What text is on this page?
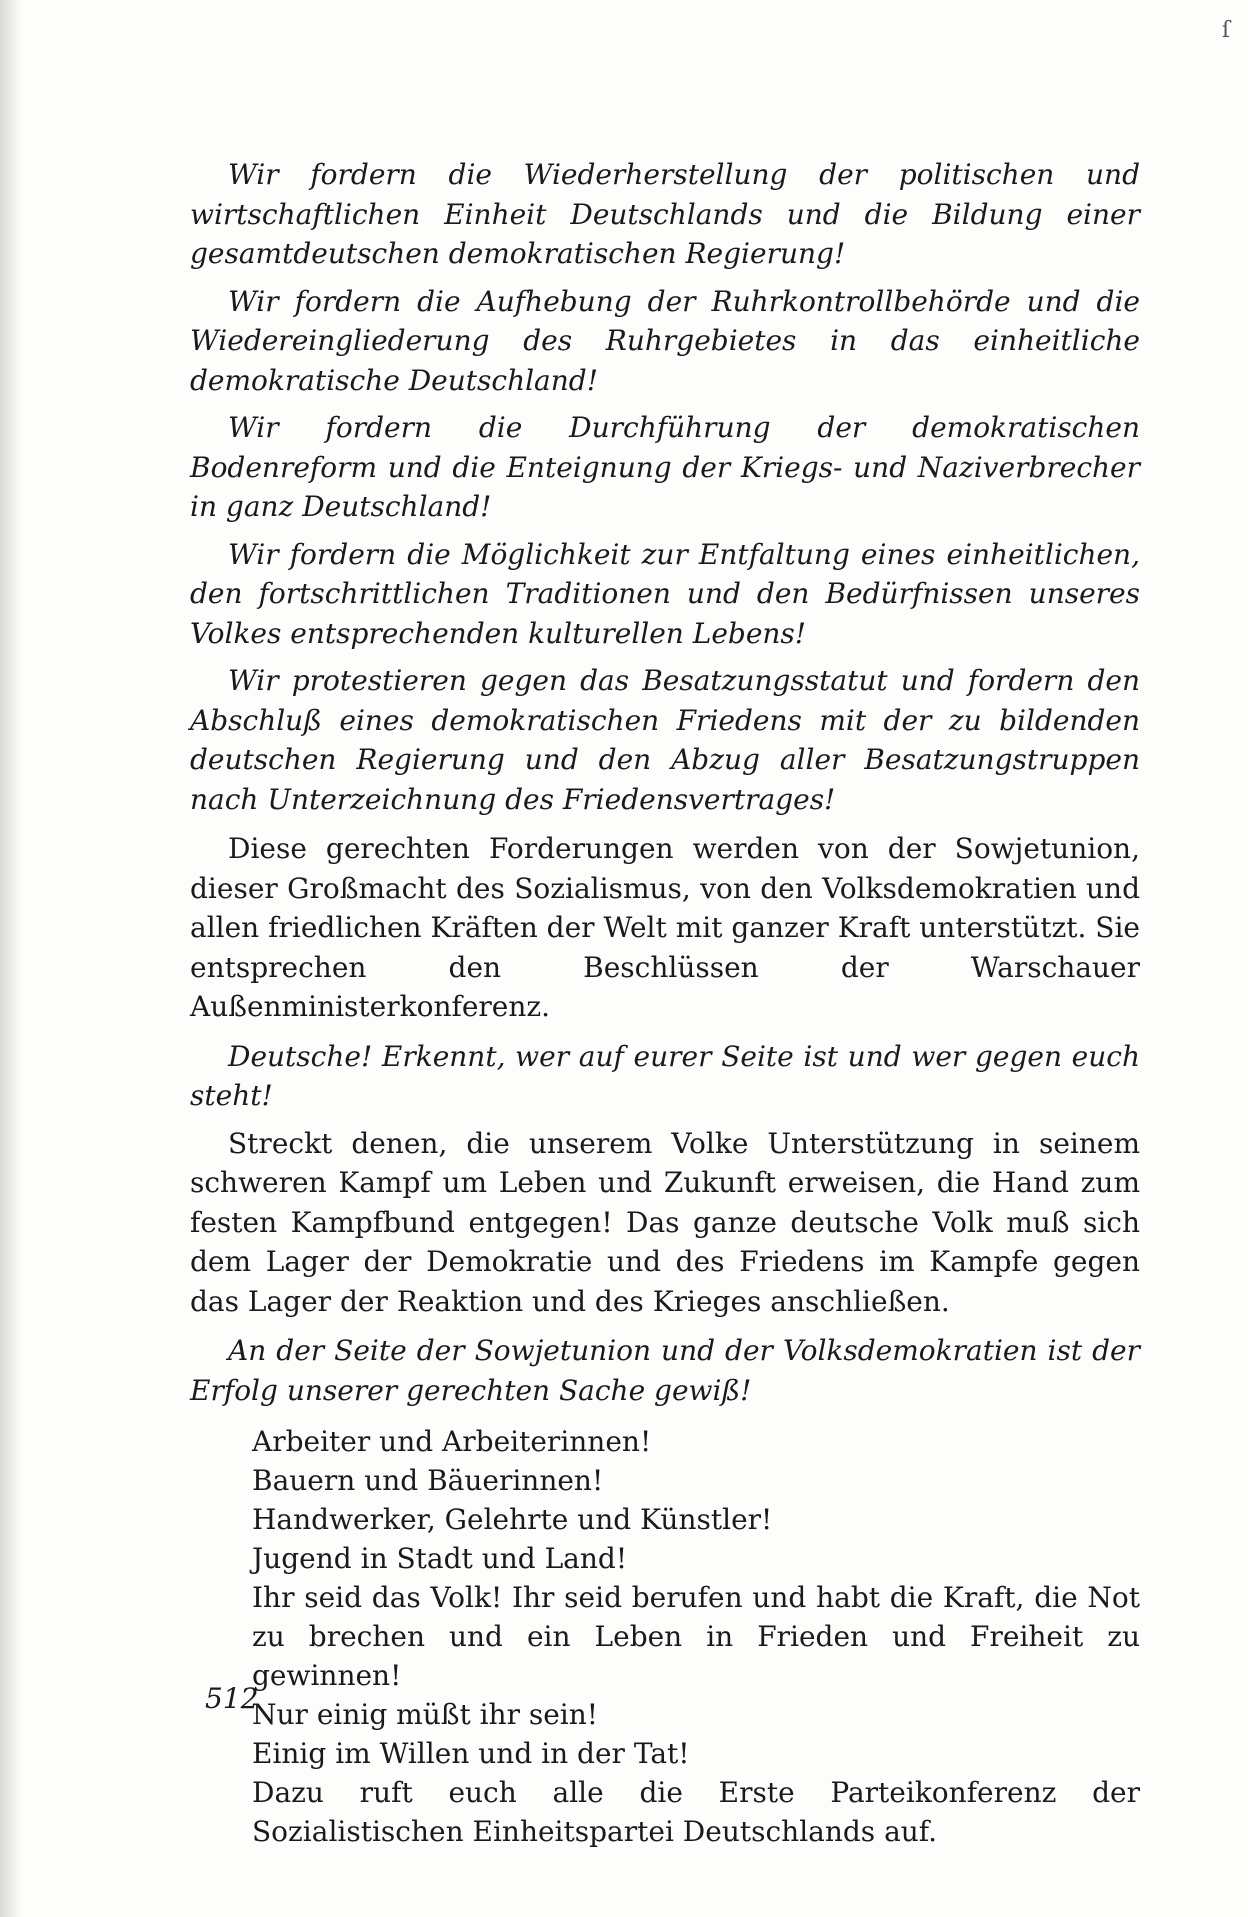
ſ

Wir fordern die Wiederherstellung der politischen und wirtschaftlichen Einheit Deutschlands und die Bildung einer gesamtdeutschen demokratischen Regierung!

Wir fordern die Aufhebung der Ruhrkontrollbehörde und die Wiedereingliederung des Ruhrgebietes in das einheitliche demokratische Deutschland!

Wir fordern die Durchführung der demokratischen Bodenreform und die Enteignung der Kriegs- und Naziverbrecher in ganz Deutschland!

Wir fordern die Möglichkeit zur Entfaltung eines einheitlichen, den fortschrittlichen Traditionen und den Bedürfnissen unseres Volkes entsprechenden kulturellen Lebens!

Wir protestieren gegen das Besatzungsstatut und fordern den Abschluß eines demokratischen Friedens mit der zu bildenden deutschen Regierung und den Abzug aller Besatzungstruppen nach Unterzeichnung des Friedensvertrages!

Diese gerechten Forderungen werden von der Sowjetunion, dieser Großmacht des Sozialismus, von den Volksdemokratien und allen friedlichen Kräften der Welt mit ganzer Kraft unterstützt. Sie entsprechen den Beschlüssen der Warschauer Außenministerkonferenz.

Deutsche! Erkennt, wer auf eurer Seite ist und wer gegen euch steht!

Streckt denen, die unserem Volke Unterstützung in seinem schweren Kampf um Leben und Zukunft erweisen, die Hand zum festen Kampfbund entgegen! Das ganze deutsche Volk muß sich dem Lager der Demokratie und des Friedens im Kampfe gegen das Lager der Reaktion und des Krieges anschließen.

An der Seite der Sowjetunion und der Volksdemokratien ist der Erfolg unserer gerechten Sache gewiß!

Arbeiter und Arbeiterinnen!
Bauern und Bäuerinnen!
Handwerker, Gelehrte und Künstler!
Jugend in Stadt und Land!
Ihr seid das Volk! Ihr seid berufen und habt die Kraft, die Not zu brechen und ein Leben in Frieden und Freiheit zu gewinnen!
Nur einig müßt ihr sein!
Einig im Willen und in der Tat!
Dazu ruft euch alle die Erste Parteikonferenz der Sozialistischen Einheitspartei Deutschlands auf.
512
